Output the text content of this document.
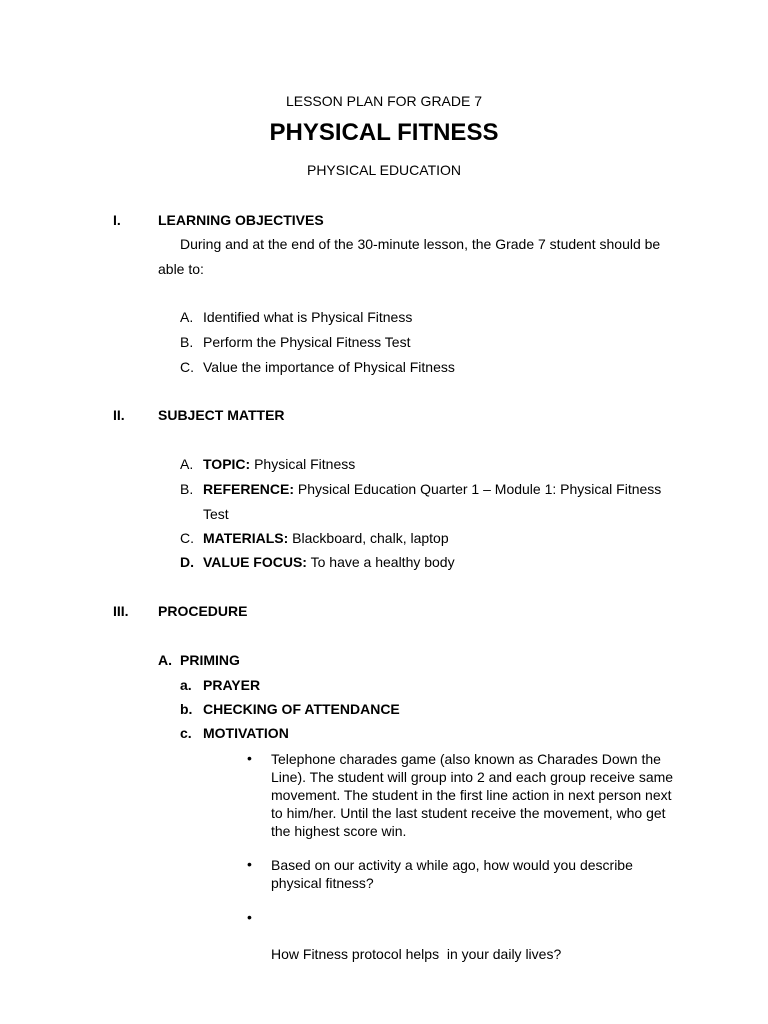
LESSON PLAN FOR GRADE 7
PHYSICAL FITNESS
PHYSICAL EDUCATION
I.	LEARNING OBJECTIVES
During and at the end of the 30-minute lesson, the Grade 7 student should be
able to:
A. Identified what is Physical Fitness
B. Perform the Physical Fitness Test
C. Value the importance of Physical Fitness
II. SUBJECT MATTER
A. TOPIC: Physical Fitness
B. REFERENCE: Physical Education Quarter 1 – Module 1: Physical Fitness
Test
C. MATERIALS: Blackboard, chalk, laptop
D. VALUE FOCUS: To have a healthy body
III. PROCEDURE
A. PRIMING
a. PRAYER
b. CHECKING OF ATTENDANCE
c. MOTIVATION
• Telephone charades game (also known as Charades Down the
Line). The student will group into 2 and each group receive same
movement. The student in the first line action in next person next
to him/her. Until the last student receive the movement, who get
the highest score win.
• Based on our activity a while ago, how would you describe
physical fitness?
•

How Fitness protocol helps  in your daily lives?
